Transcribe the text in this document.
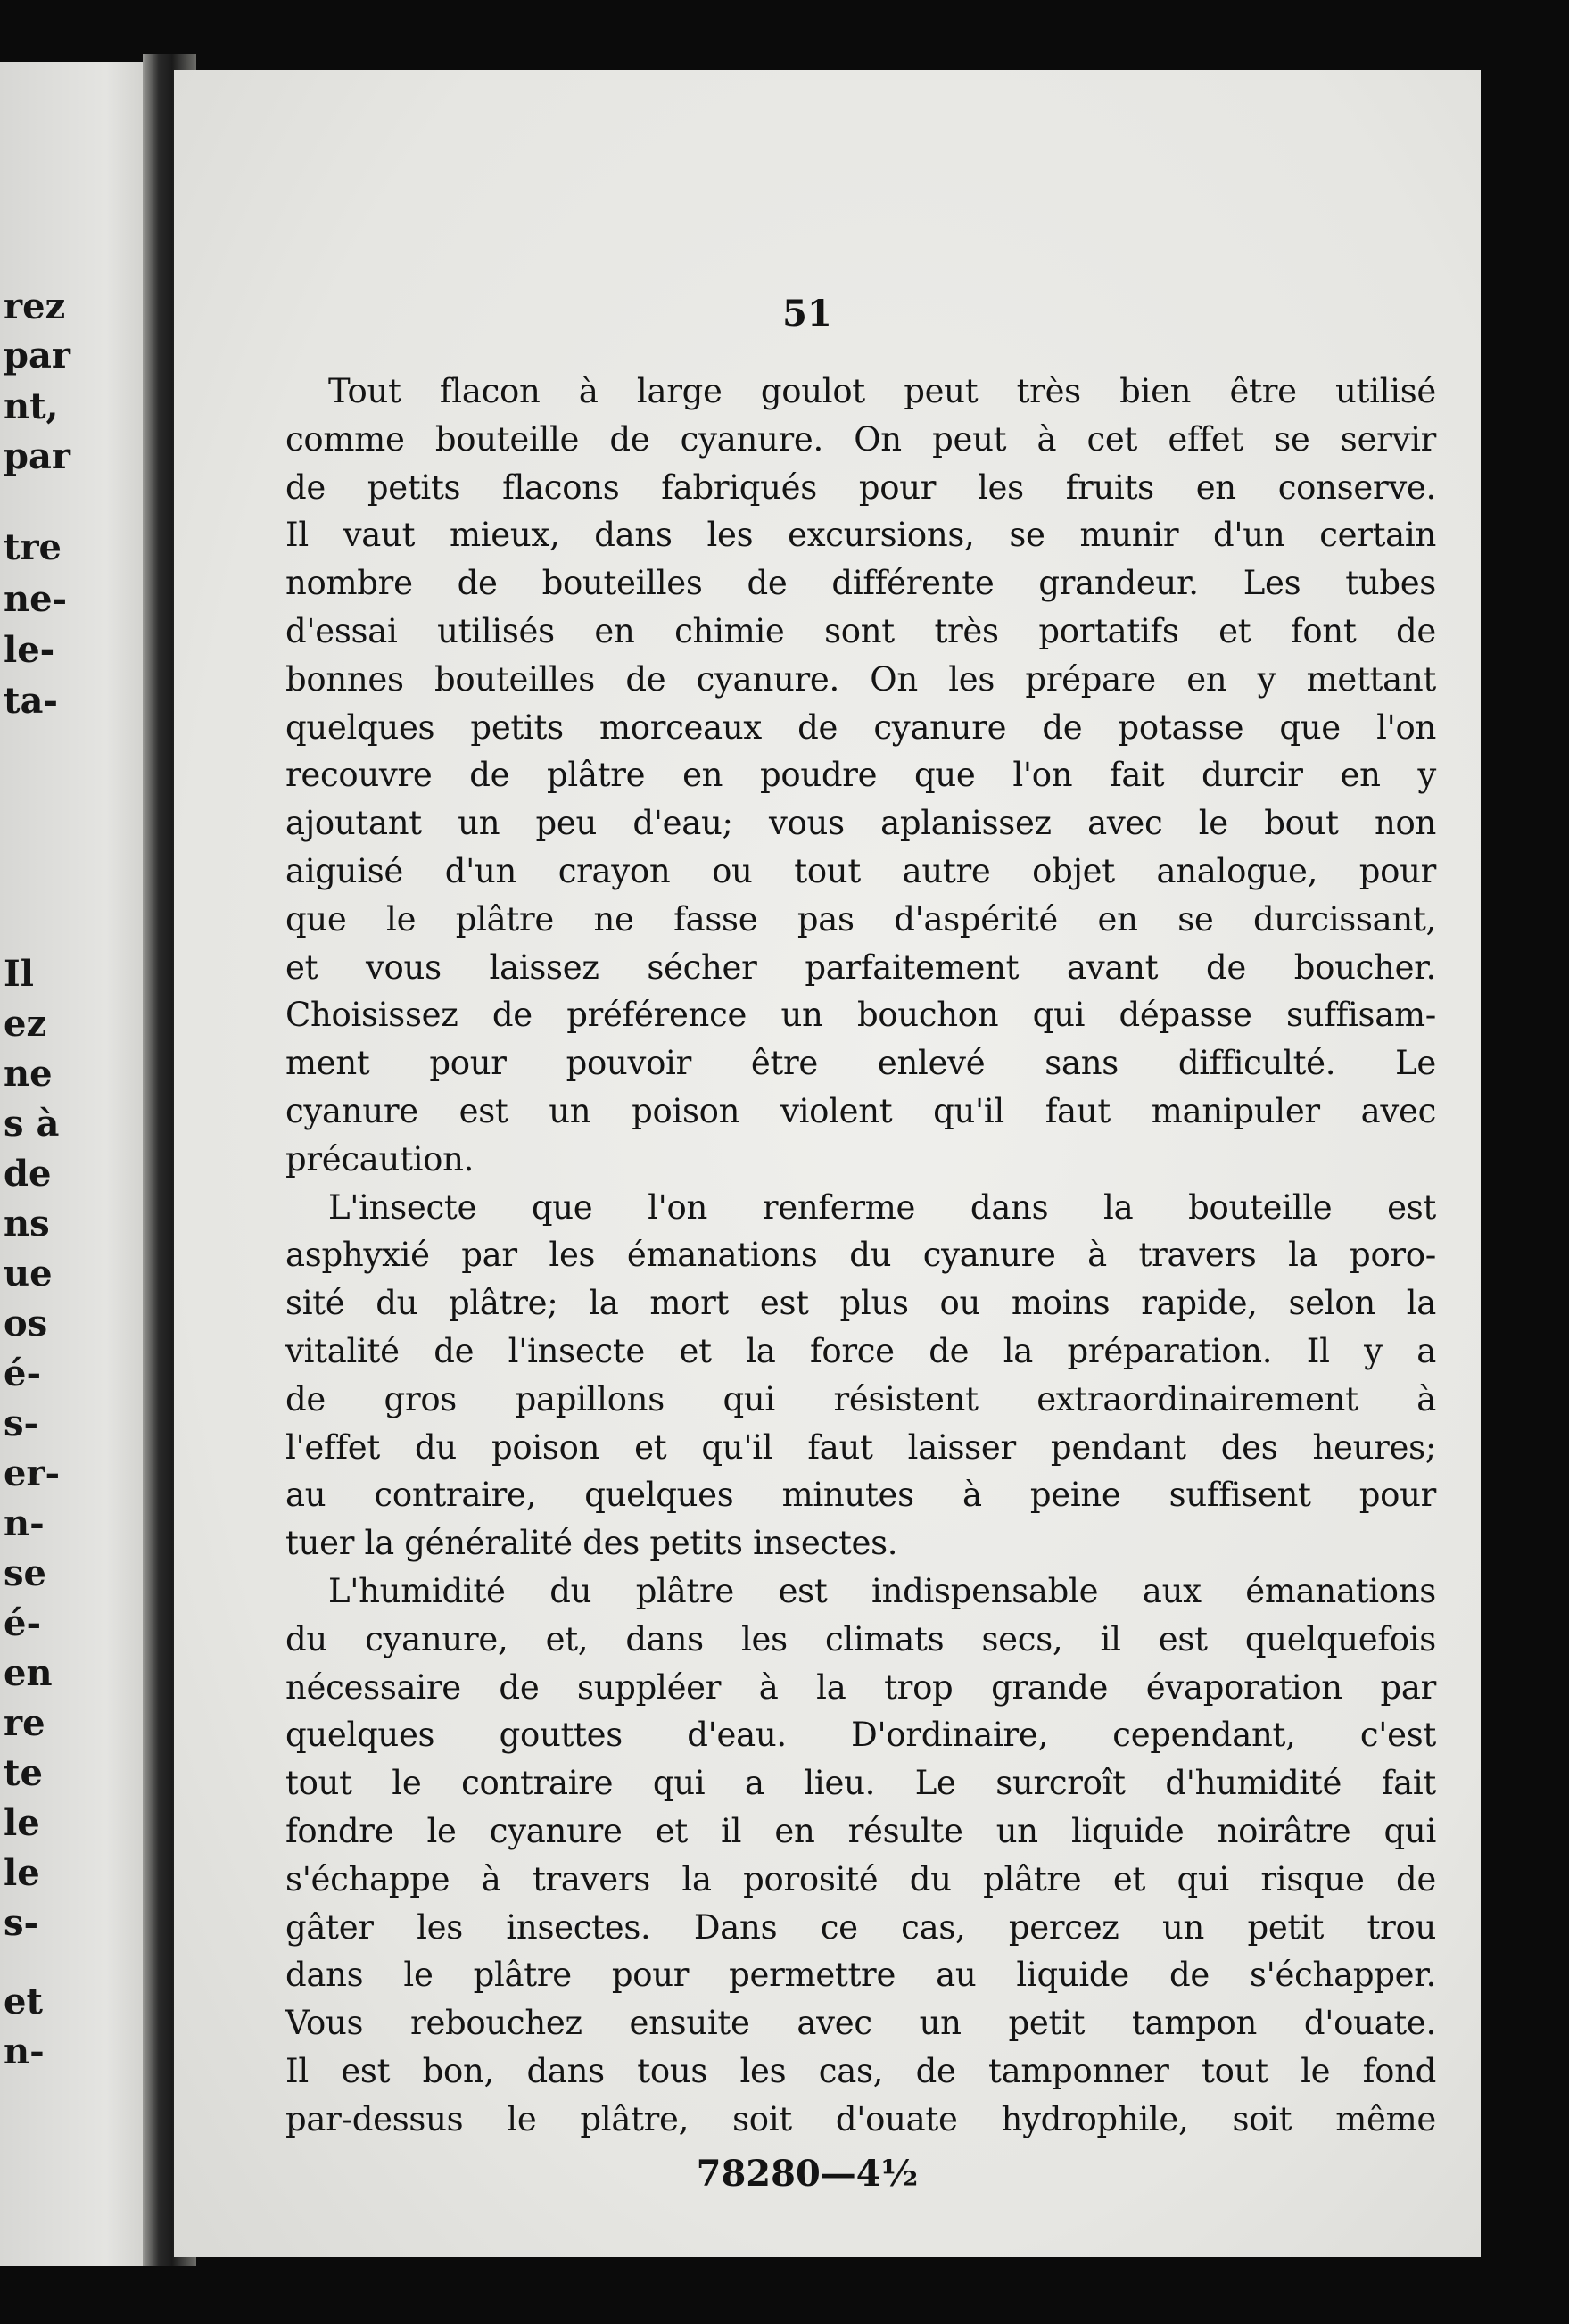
rez
par
nt,
par
tre
ne-
le-
ta-
Il
ez
ne
s à
de
ns
ue
os
é-
s-
er-
n-
se
é-
en
re
te
le
le
s-
et
n-
51

Tout flacon à large goulot peut très bien être utilisé
comme bouteille de cyanure. On peut à cet effet se servir
de petits flacons fabriqués pour les fruits en conserve.
Il vaut mieux, dans les excursions, se munir d'un certain
nombre de bouteilles de différente grandeur. Les tubes
d'essai utilisés en chimie sont très portatifs et font de
bonnes bouteilles de cyanure. On les prépare en y mettant
quelques petits morceaux de cyanure de potasse que l'on
recouvre de plâtre en poudre que l'on fait durcir en y
ajoutant un peu d'eau; vous aplanissez avec le bout non
aiguisé d'un crayon ou tout autre objet analogue, pour
que le plâtre ne fasse pas d'aspérité en se durcissant,
et vous laissez sécher parfaitement avant de boucher.
Choisissez de préférence un bouchon qui dépasse suffisam-
ment pour pouvoir être enlevé sans difficulté. Le
cyanure est un poison violent qu'il faut manipuler avec
précaution.

L'insecte que l'on renferme dans la bouteille est
asphyxié par les émanations du cyanure à travers la poro-
sité du plâtre; la mort est plus ou moins rapide, selon la
vitalité de l'insecte et la force de la préparation. Il y a
de gros papillons qui résistent extraordinairement à
l'effet du poison et qu'il faut laisser pendant des heures;
au contraire, quelques minutes à peine suffisent pour
tuer la généralité des petits insectes.

L'humidité du plâtre est indispensable aux émanations
du cyanure, et, dans les climats secs, il est quelquefois
nécessaire de suppléer à la trop grande évaporation par
quelques gouttes d'eau. D'ordinaire, cependant, c'est
tout le contraire qui a lieu. Le surcroît d'humidité fait
fondre le cyanure et il en résulte un liquide noirâtre qui
s'échappe à travers la porosité du plâtre et qui risque de
gâter les insectes. Dans ce cas, percez un petit trou
dans le plâtre pour permettre au liquide de s'échapper.
Vous rebouchez ensuite avec un petit tampon d'ouate.
Il est bon, dans tous les cas, de tamponner tout le fond
par-dessus le plâtre, soit d'ouate hydrophile, soit même

78280—4½
